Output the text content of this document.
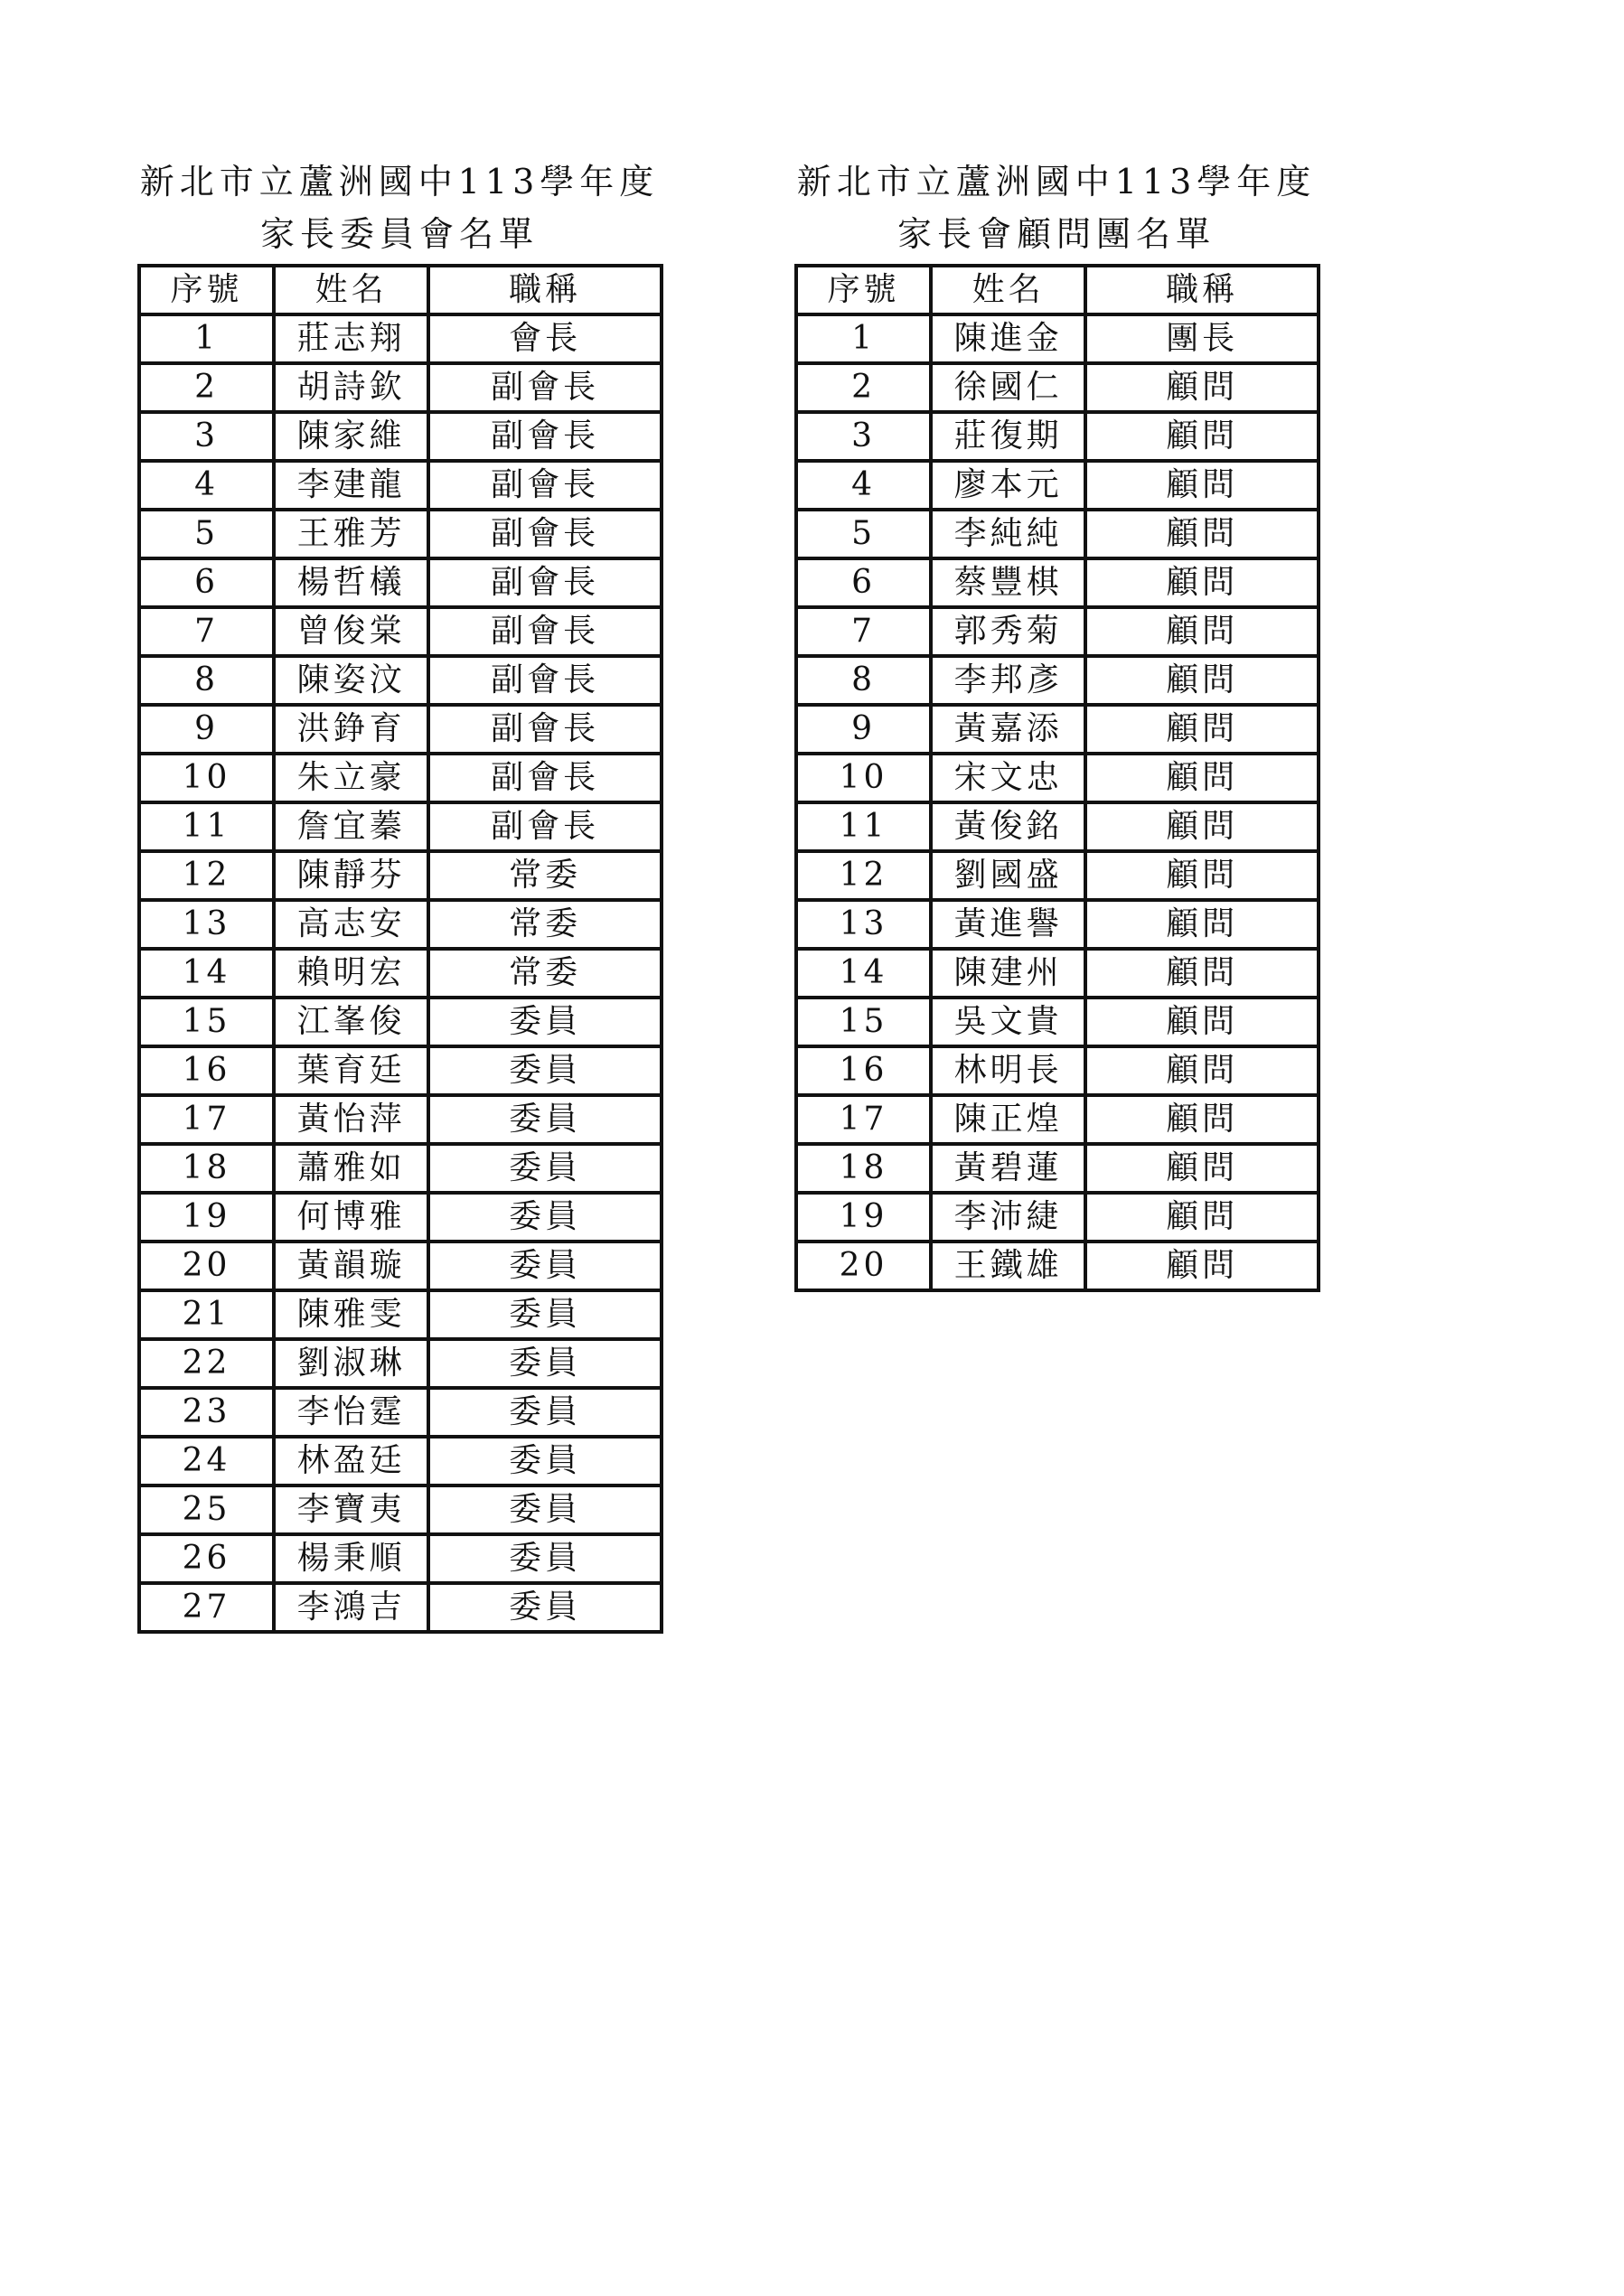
新北市立蘆洲國中113學年度
家長委員會名單
序號	姓名	職稱
1	莊志翔	會長
2	胡詩欽	副會長
3	陳家維	副會長
4	李建龍	副會長
5	王雅芳	副會長
6	楊哲檥	副會長
7	曾俊棠	副會長
8	陳姿汶	副會長
9	洪錚育	副會長
10	朱立豪	副會長
11	詹宜蓁	副會長
12	陳靜芬	常委
13	高志安	常委
14	賴明宏	常委
15	江峯俊	委員
16	葉育廷	委員
17	黃怡萍	委員
18	蕭雅如	委員
19	何博雅	委員
20	黃韻璇	委員
21	陳雅雯	委員
22	劉淑琳	委員
23	李怡霆	委員
24	林盈廷	委員
25	李寶夷	委員
26	楊秉順	委員
27	李鴻吉	委員
新北市立蘆洲國中113學年度
家長會顧問團名單
序號	姓名	職稱
1	陳進金	團長
2	徐國仁	顧問
3	莊復期	顧問
4	廖本元	顧問
5	李純純	顧問
6	蔡豐棋	顧問
7	郭秀菊	顧問
8	李邦彥	顧問
9	黃嘉添	顧問
10	宋文忠	顧問
11	黃俊銘	顧問
12	劉國盛	顧問
13	黃進譽	顧問
14	陳建州	顧問
15	吳文貴	顧問
16	林明長	顧問
17	陳正煌	顧問
18	黃碧蓮	顧問
19	李沛緁	顧問
20	王鐵雄	顧問
